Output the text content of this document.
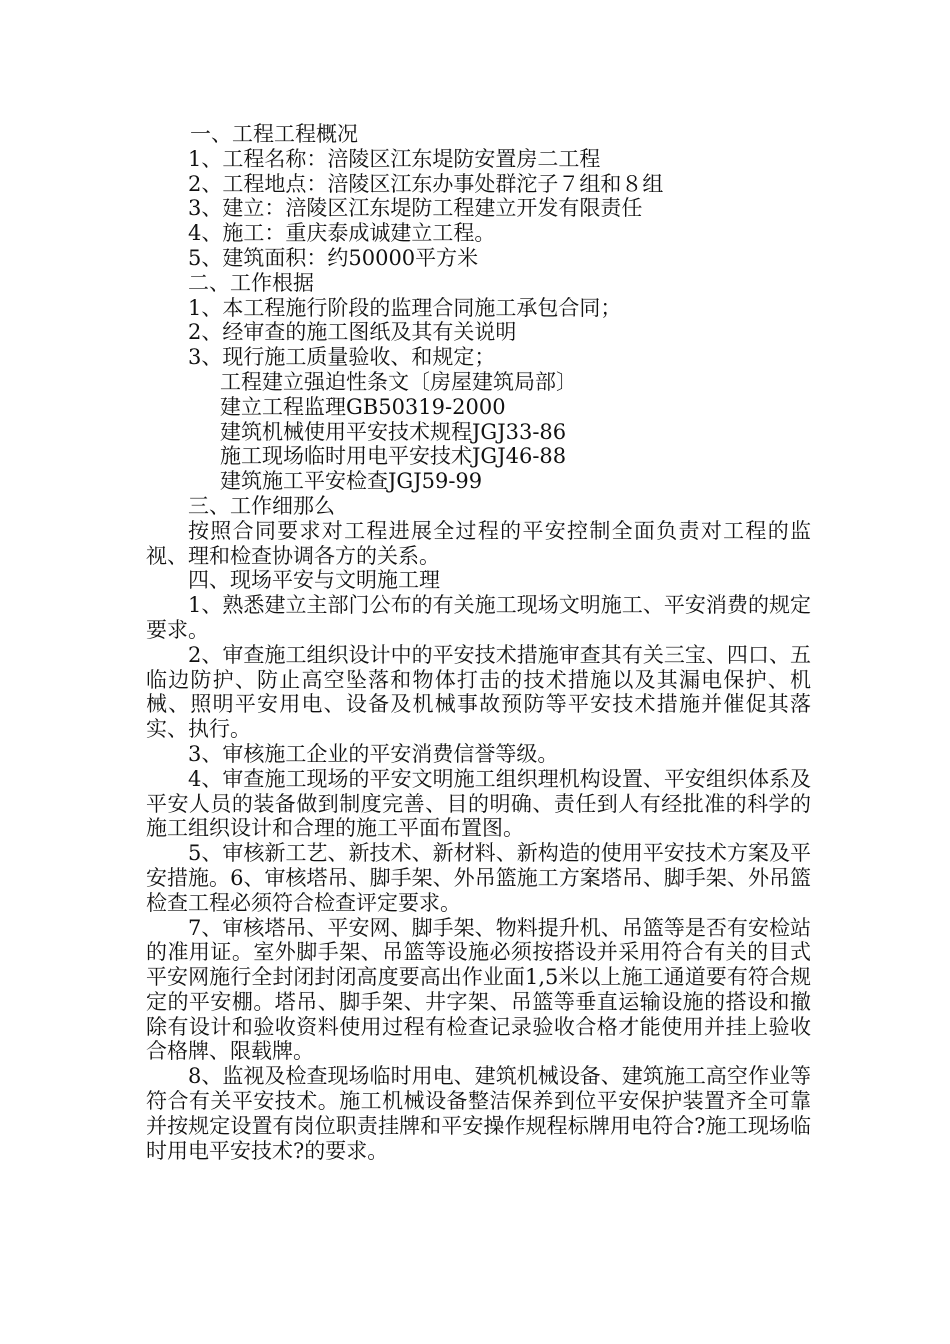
一、工程工程概况
1、工程名称：涪陵区江东堤防安置房二工程
2、工程地点：涪陵区江东办事处群沱子７组和８组
3、建立：涪陵区江东堤防工程建立开发有限责任
4、施工：重庆泰成诚建立工程。
5、建筑面积：约50000平方米
二、工作根据
1、本工程施行阶段的监理合同施工承包合同；
2、经审查的施工图纸及其有关说明
3、现行施工质量验收、和规定；
工程建立强迫性条文〔房屋建筑局部〕
建立工程监理GB50319-2000
建筑机械使用平安技术规程JGJ33-86
施工现场临时用电平安技术JGJ46-88
建筑施工平安检查JGJ59-99
三、工作细那么
按照合同要求对工程进展全过程的平安控制全面负责对工程的监视、理和检查协调各方的关系。
四、现场平安与文明施工理
1、熟悉建立主部门公布的有关施工现场文明施工、平安消费的规定要求。
2、审查施工组织设计中的平安技术措施审查其有关三宝、四口、五临边防护、防止高空坠落和物体打击的技术措施以及其漏电保护、机械、照明平安用电、设备及机械事故预防等平安技术措施并催促其落实、执行。
3、审核施工企业的平安消费信誉等级。
4、审查施工现场的平安文明施工组织理机构设置、平安组织体系及平安人员的装备做到制度完善、目的明确、责任到人有经批准的科学的施工组织设计和合理的施工平面布置图。
5、审核新工艺、新技术、新材料、新构造的使用平安技术方案及平安措施。6、审核塔吊、脚手架、外吊篮施工方案塔吊、脚手架、外吊篮检查工程必须符合检查评定要求。
7、审核塔吊、平安网、脚手架、物料提升机、吊篮等是否有安检站的准用证。室外脚手架、吊篮等设施必须按搭设并采用符合有关的目式平安网施行全封闭封闭高度要高出作业面1,5米以上施工通道要有符合规定的平安棚。塔吊、脚手架、井字架、吊篮等垂直运输设施的搭设和撤除有设计和验收资料使用过程有检查记录验收合格才能使用并挂上验收合格牌、限载牌。
8、监视及检查现场临时用电、建筑机械设备、建筑施工高空作业等符合有关平安技术。施工机械设备整洁保养到位平安保护装置齐全可靠并按规定设置有岗位职责挂牌和平安操作规程标牌用电符合?施工现场临时用电平安技术?的要求。
